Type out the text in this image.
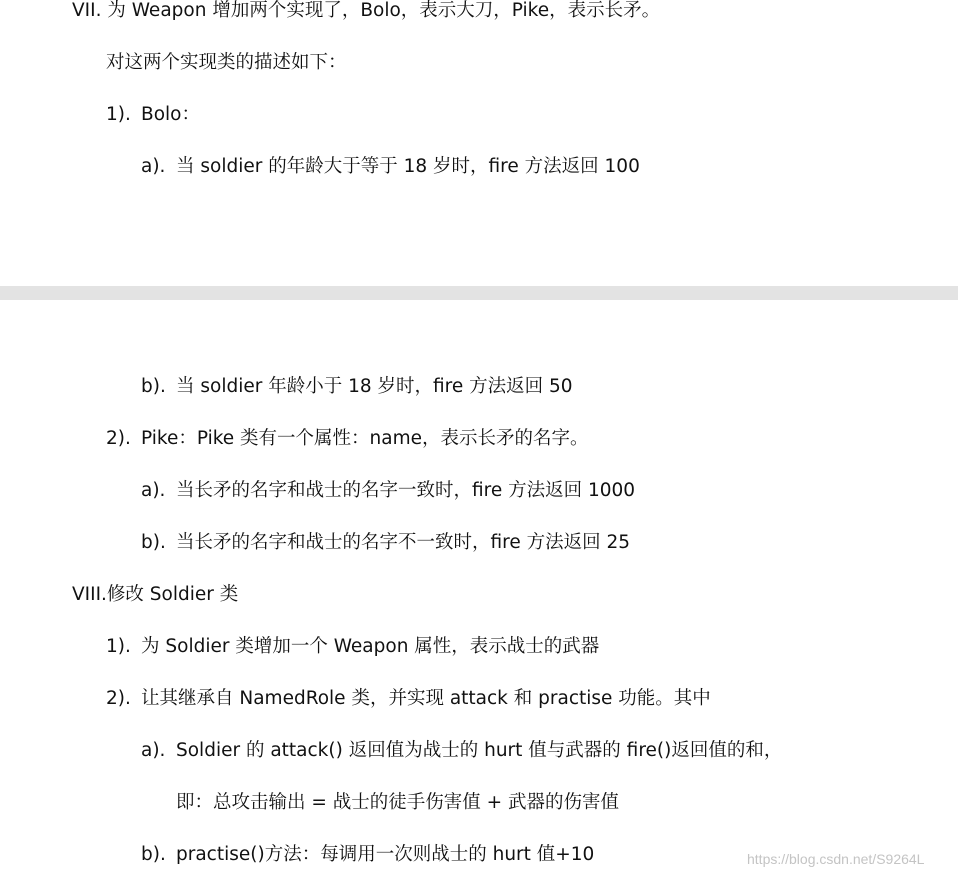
VII. 为 Weapon 增加两个实现了，Bolo，表示大刀，Pike，表示长矛。
对这两个实现类的描述如下：
1). Bolo：
a). 当 soldier 的年龄大于等于 18 岁时，fire 方法返回 100
b). 当 soldier 年龄小于 18 岁时，fire 方法返回 50
2). Pike：Pike 类有一个属性：name，表示长矛的名字。
a). 当长矛的名字和战士的名字一致时，fire 方法返回 1000
b). 当长矛的名字和战士的名字不一致时，fire 方法返回 25
VIII.修改 Soldier 类
1). 为 Soldier 类增加一个 Weapon 属性，表示战士的武器
2). 让其继承自 NamedRole 类，并实现 attack 和 practise 功能。其中
a). Soldier 的 attack() 返回值为战士的 hurt 值与武器的 fire()返回值的和，
即：总攻击输出 = 战士的徒手伤害值 + 武器的伤害值
b). practise()方法：每调用一次则战士的 hurt 值+10	https://blog.csdn.net/S9264L
